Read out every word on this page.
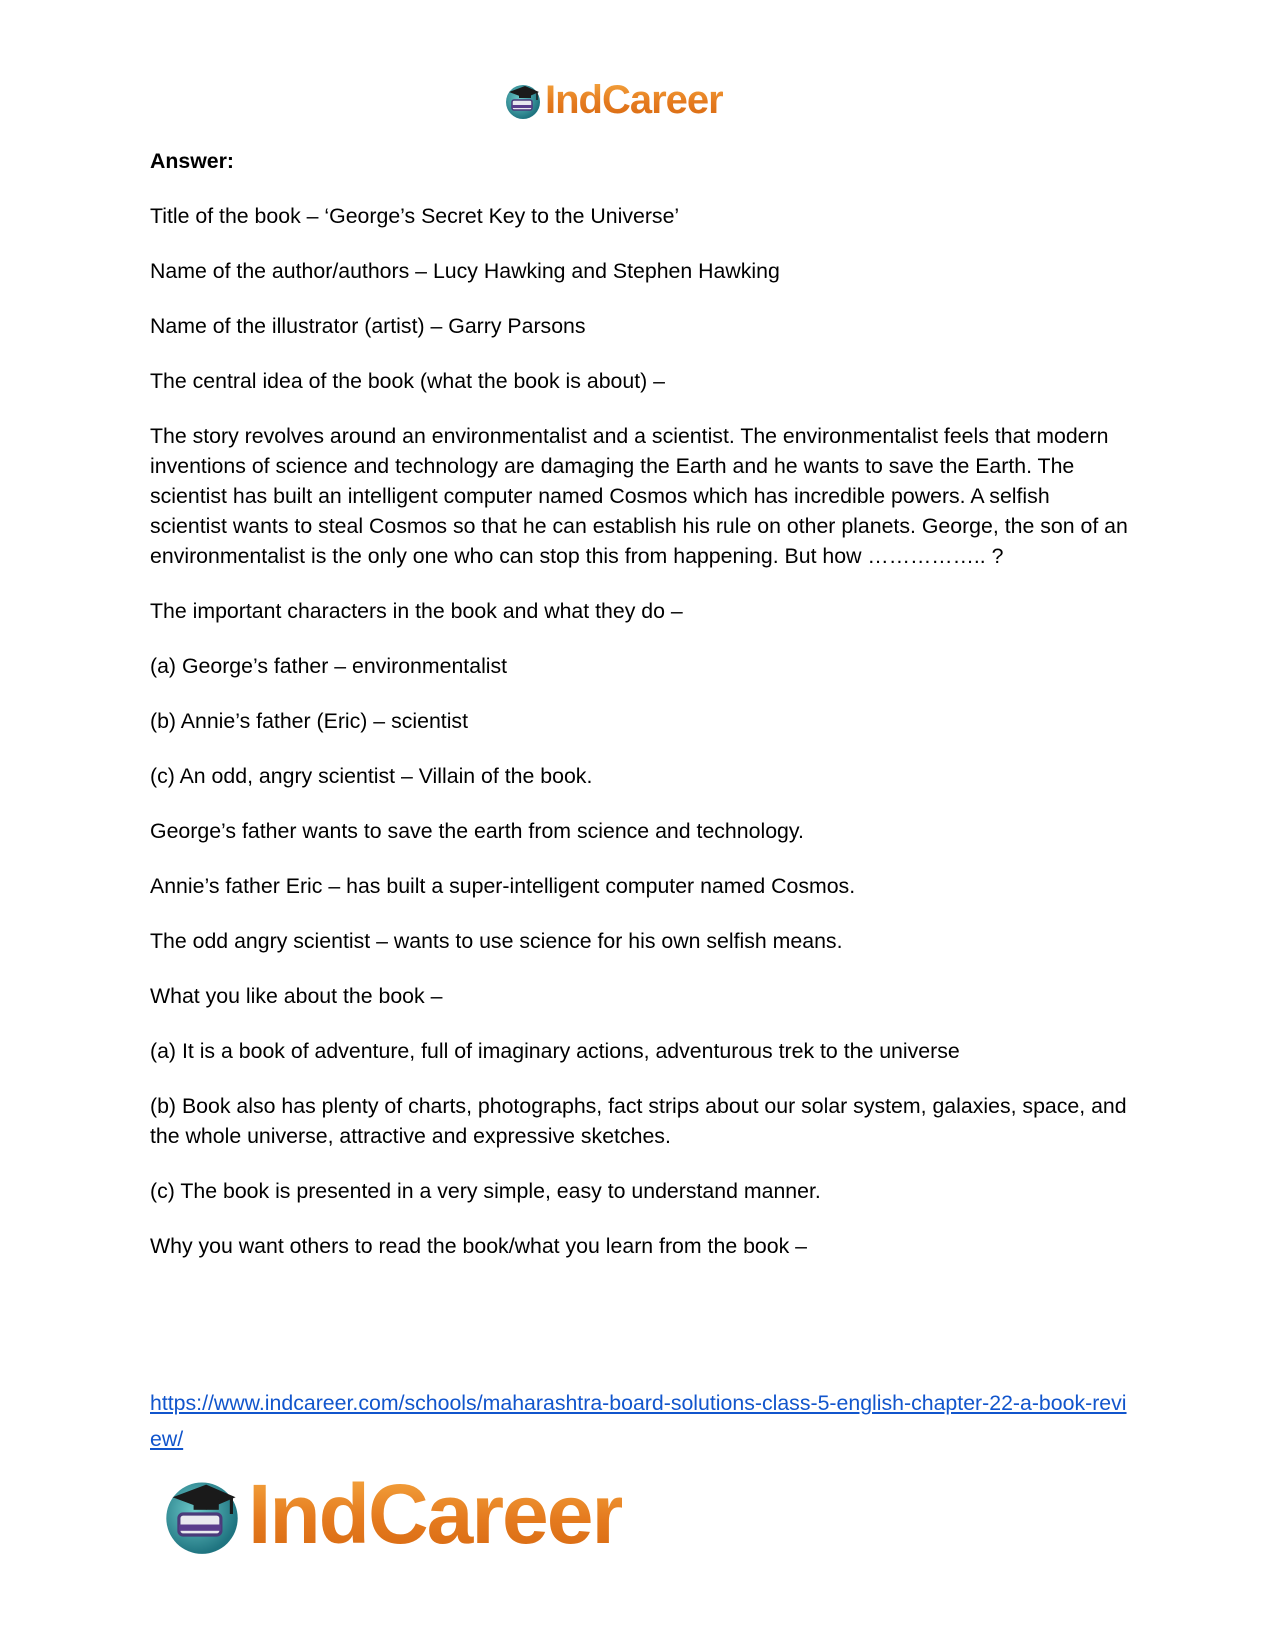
IndCareer

Answer:

Title of the book – ‘George’s Secret Key to the Universe’

Name of the author/authors – Lucy Hawking and Stephen Hawking

Name of the illustrator (artist) – Garry Parsons

The central idea of the book (what the book is about) –

The story revolves around an environmentalist and a scientist. The environmentalist feels that modern inventions of science and technology are damaging the Earth and he wants to save the Earth. The scientist has built an intelligent computer named Cosmos which has incredible powers. A selfish scientist wants to steal Cosmos so that he can establish his rule on other planets. George, the son of an environmentalist is the only one who can stop this from happening. But how …………….. ?

The important characters in the book and what they do –

(a) George’s father – environmentalist

(b) Annie’s father (Eric) – scientist

(c) An odd, angry scientist – Villain of the book.

George’s father wants to save the earth from science and technology.

Annie’s father Eric – has built a super-intelligent computer named Cosmos.

The odd angry scientist – wants to use science for his own selfish means.

What you like about the book –

(a) It is a book of adventure, full of imaginary actions, adventurous trek to the universe

(b) Book also has plenty of charts, photographs, fact strips about our solar system, galaxies, space, and the whole universe, attractive and expressive sketches.

(c) The book is presented in a very simple, easy to understand manner.

Why you want others to read the book/what you learn from the book –

https://www.indcareer.com/schools/maharashtra-board-solutions-class-5-english-chapter-22-a-book-review/
IndCareer
